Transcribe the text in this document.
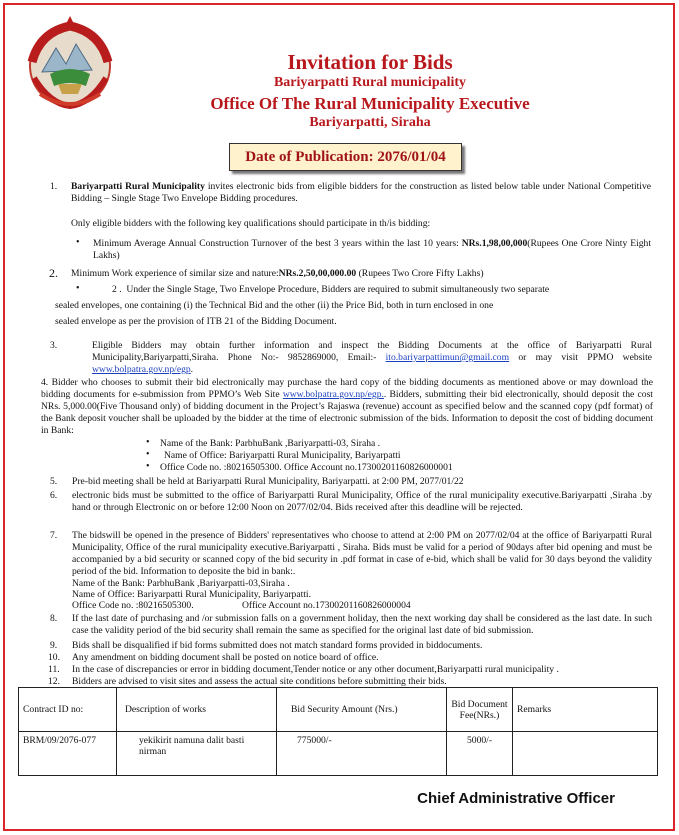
Invitation for Bids
Bariyarpatti Rural municipality
Office Of The Rural Municipality Executive
Bariyarpatti, Siraha
Date of Publication: 2076/01/04
1. Bariyarpatti Rural Municipality invites electronic bids from eligible bidders for the construction as listed below table under National Competitive Bidding – Single Stage Two Envelope Bidding procedures.
Only eligible bidders with the following key qualifications should participate in th/is bidding:
• Minimum Average Annual Construction Turnover of the best 3 years within the last 10 years: NRs.1,98,00,000(Rupees One Crore Ninty Eight Lakhs)
2. Minimum Work experience of similar size and nature:NRs.2,50,00,000.00 (Rupees Two Crore Fifty Lakhs)
•	2 . Under the Single Stage, Two Envelope Procedure, Bidders are required to submit simultaneously two separate
sealed envelopes, one containing (i) the Technical Bid and the other (ii) the Price Bid, both in turn enclosed in one
sealed envelope as per the provision of ITB 21 of the Bidding Document.
3.	Eligible Bidders may obtain further information and inspect the Bidding Documents at the office of Bariyarpatti Rural Municipality,Bariyarpatti,Siraha. Phone No:- 9852869000, Email:- ito.bariyarpattimun@gmail.com or may visit PPMO website www.bolpatra.gov.np/egp.
4. Bidder who chooses to submit their bid electronically may purchase the hard copy of the bidding documents as mentioned above or may download the bidding documents for e-submission from PPMO’s Web Site www.bolpatra.gov.np/egp.. Bidders, submitting their bid electronically, should deposit the cost NRs. 5,000.00(Five Thousand only) of bidding document in the Project’s Rajaswa (revenue) account as specified below and the scanned copy (pdf format) of the Bank deposit voucher shall be uploaded by the bidder at the time of electronic submission of the bids. Information to deposit the cost of bidding document in Bank:
• Name of the Bank: ParbhuBank ,Bariyarpatti-03, Siraha .
• Name of Office: Bariyarpatti Rural Municipality, Bariyarpatti
• Office Code no. :80216505300. Office Account no.17300201160826000001
5. Pre-bid meeting shall be held at Bariyarpatti Rural Municipality, Bariyarpatti. at 2:00 PM, 2077/01/22
6. electronic bids must be submitted to the office of Bariyarpatti Rural Municipality, Office of the rural municipality executive.Bariyarpatti ,Siraha .by hand or through Electronic on or before 12:00 Noon on 2077/02/04. Bids received after this deadline will be rejected.
7. The bidswill be opened in the presence of Bidders' representatives who choose to attend at 2:00 PM on 2077/02/04 at the office of Bariyarpatti Rural Municipality, Office of the rural municipality executive.Bariyarpatti , Siraha. Bids must be valid for a period of 90days after bid opening and must be accompanied by a bid security or scanned copy of the bid security in .pdf format in case of e-bid, which shall be valid for 30 days beyond the validity period of the bid. Information to deposite the bid in bank:.
Name of the Bank: ParbhuBank ,Bariyarpatti-03,Siraha .
Name of Office: Bariyarpatti Rural Municipality, Bariyarpatti.
Office Code no. :80216505300.	Office Account no.17300201160826000004
8. If the last date of purchasing and /or submission falls on a government holiday, then the next working day shall be considered as the last date. In such case the validity period of the bid security shall remain the same as specified for the original last date of bid submission.
9. Bids shall be disqualified if bid forms submitted does not match standard forms provided in biddocuments.
10. Any amendment on bidding document shall be posted on notice board of office.
11. In the case of discrepancies or error in bidding document,Tender notice or any other document,Bariyarpatti rural municipality .
12. Bidders are advised to visit sites and assess the actual site conditions before submitting their bids.
Contract ID no:	Description of works	Bid Security Amount (Nrs.)	Bid Document Fee(NRs.)	Remarks
BRM/09/2076-077	yekikirit namuna dalit basti nirman	775000/-	5000/-	
Chief Administrative Officer
